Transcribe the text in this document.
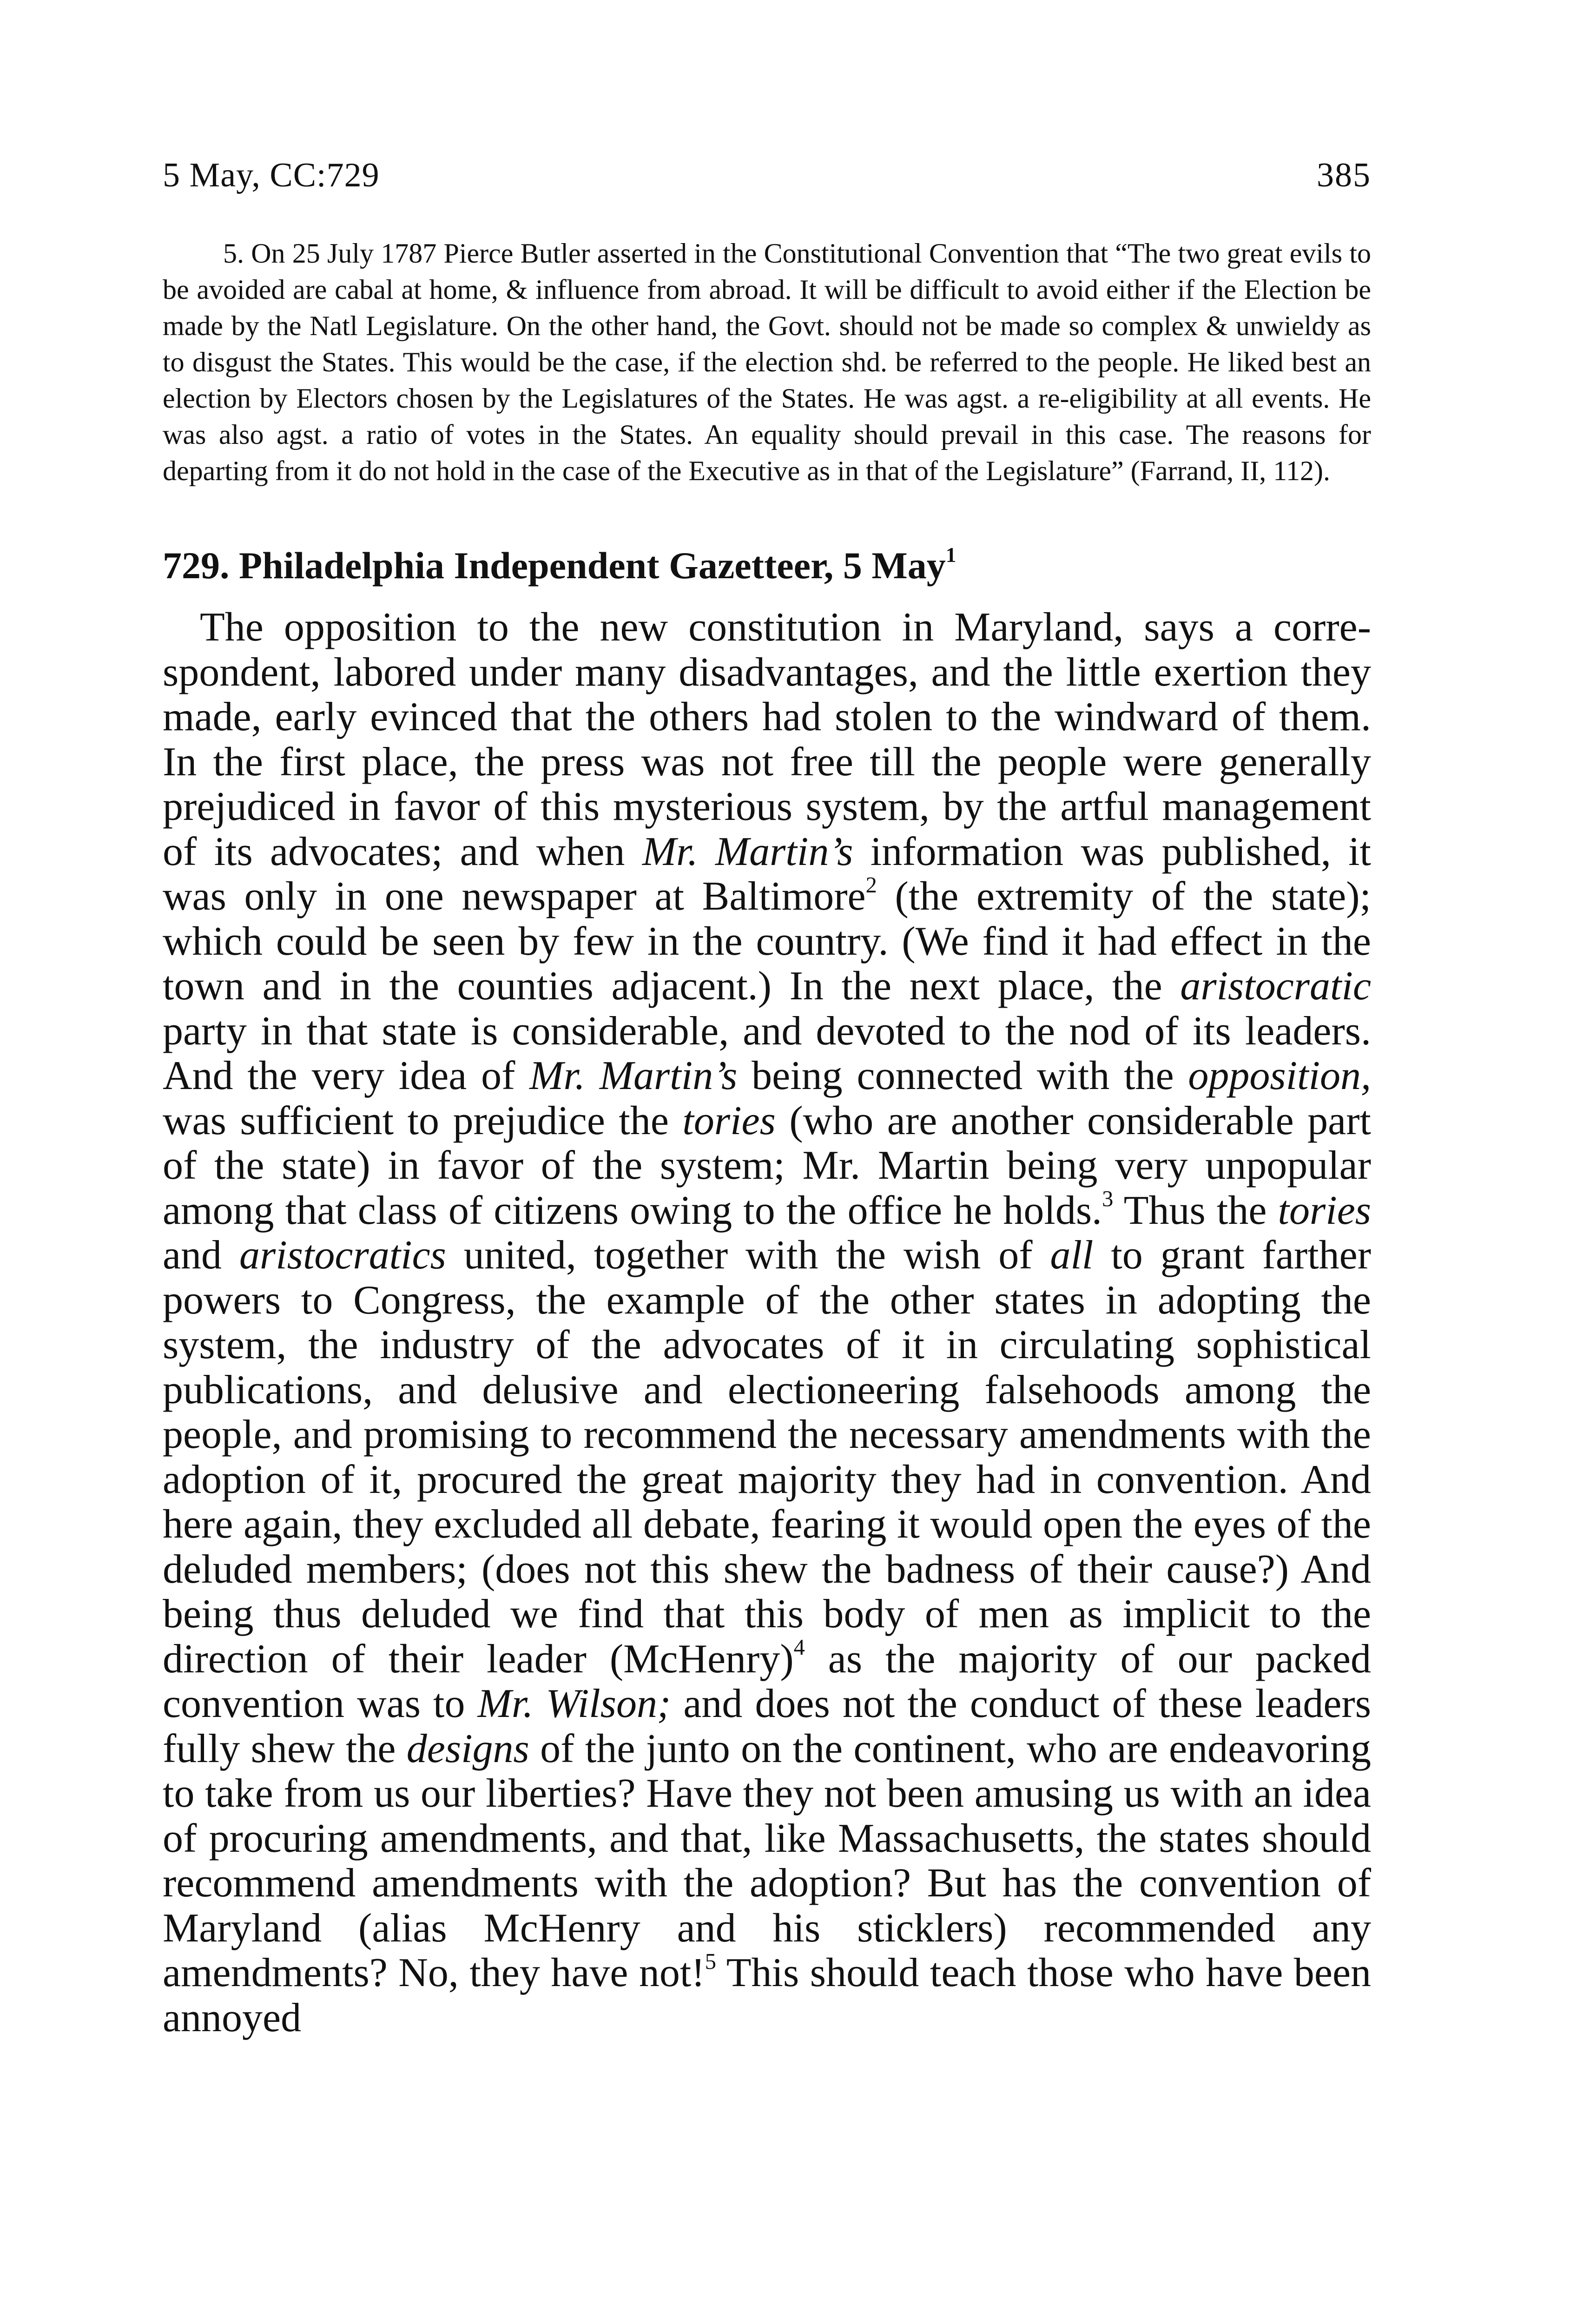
5 May, CC:729	385

5. On 25 July 1787 Pierce Butler asserted in the Constitutional Convention that “The two great evils to be avoided are cabal at home, & influence from abroad. It will be difficult to avoid either if the Election be made by the Natl Legislature. On the other hand, the Govt. should not be made so complex & unwieldy as to disgust the States. This would be the case, if the election shd. be referred to the people. He liked best an election by Electors chosen by the Legislatures of the States. He was agst. a re-eligibility at all events. He was also agst. a ratio of votes in the States. An equality should prevail in this case. The reasons for departing from it do not hold in the case of the Executive as in that of the Legislature” (Farrand, II, 112).

729. Philadelphia Independent Gazetteer, 5 May$^1$

The opposition to the new constitution in Maryland, says a correspondent, labored under many disadvantages, and the little exertion they made, early evinced that the others had stolen to the windward of them. In the first place, the press was not free till the people were generally prejudiced in favor of this mysterious system, by the artful management of its advocates; and when Mr. Martin’s information was published, it was only in one newspaper at Baltimore$^2$ (the extremity of the state); which could be seen by few in the country. (We find it had effect in the town and in the counties adjacent.) In the next place, the aristocratic party in that state is considerable, and devoted to the nod of its leaders. And the very idea of Mr. Martin’s being connected with the opposition, was sufficient to prejudice the tories (who are another considerable part of the state) in favor of the system; Mr. Martin being very unpopular among that class of citizens owing to the office he holds.$^3$ Thus the tories and aristocratics united, together with the wish of all to grant farther powers to Congress, the example of the other states in adopting the system, the industry of the advocates of it in circulating sophistical publications, and delusive and electioneering falsehoods among the people, and promising to recommend the necessary amendments with the adoption of it, procured the great majority they had in convention. And here again, they excluded all debate, fearing it would open the eyes of the deluded members; (does not this shew the badness of their cause?) And being thus deluded we find that this body of men as implicit to the direction of their leader (McHenry)$^4$ as the majority of our packed convention was to Mr. Wilson; and does not the conduct of these leaders fully shew the designs of the junto on the continent, who are endeavoring to take from us our liberties? Have they not been amusing us with an idea of procuring amendments, and that, like Massachusetts, the states should recommend amendments with the adoption? But has the convention of Maryland (alias McHenry and his sticklers) recommended any amendments? No, they have not!$^5$ This should teach those who have been annoyed
